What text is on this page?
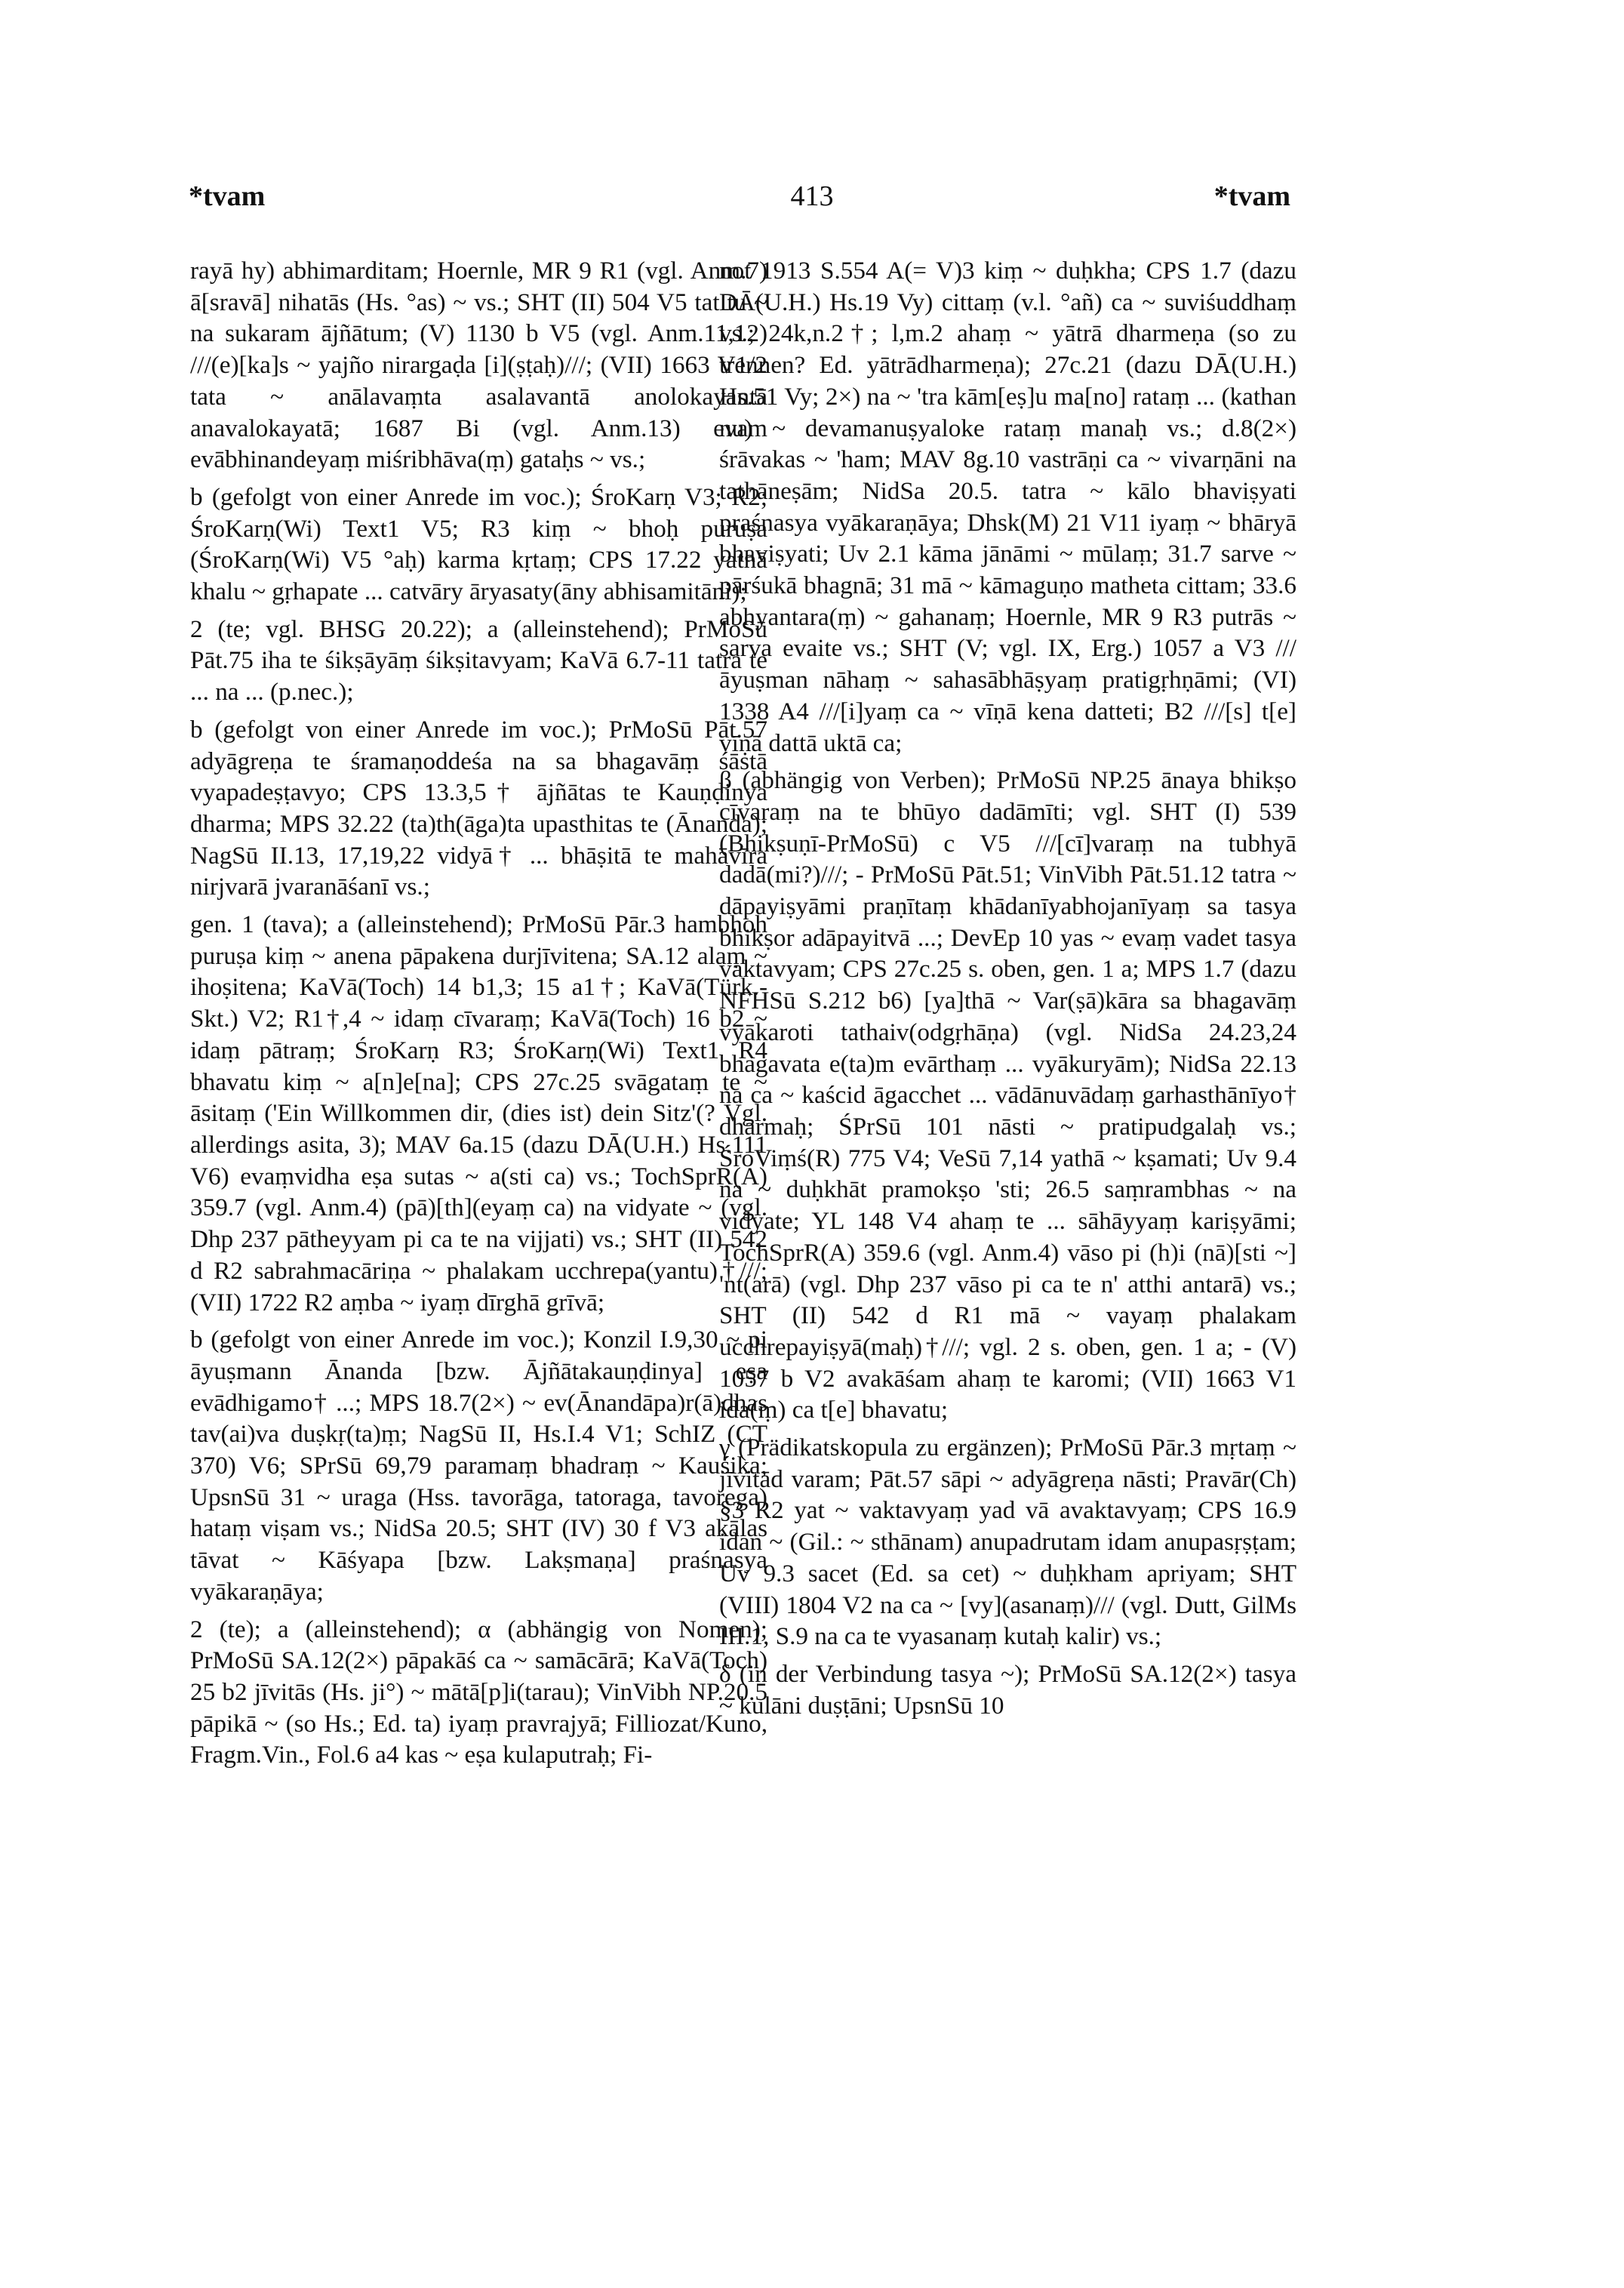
*tvam	413	*tvam

rayā hy) abhimarditam; Hoernle, MR 9 R1 (vgl. Anm.7) ā[sravā] nihatās (Hs. °as) ~ vs.; SHT (II) 504 V5 tat tu ~ na sukaram ājñātum; (V) 1130 b V5 (vgl. Anm.11,12) ///(e)[ka]s ~ yajño nirargaḍa [i](ṣṭaḥ)///; (VII) 1663 V1/2 tata ~ anālavaṃta asalavantā anolokayantā anavalokayatā; 1687 Bi (vgl. Anm.13) evam evābhinandeyaṃ miśribhāva(ṃ) gataḥs ~ vs.;

b (gefolgt von einer Anrede im voc.); ŚroKarṇ V3; R2; ŚroKarṇ(Wi) Text1 V5; R3 kiṃ ~ bhoḥ puruṣa (ŚroKarṇ(Wi) V5 °aḥ) karma kṛtaṃ; CPS 17.22 yathā khalu ~ gṛhapate ... catvāry āryasaty(āny abhisamitāni);

2 (te; vgl. BHSG 20.22); a (alleinstehend); PrMoSū Pāt.75 iha te śikṣāyāṃ śikṣitavyam; KaVā 6.7-11 tatra te ... na ... (p.nec.);

b (gefolgt von einer Anrede im voc.); PrMoSū Pāt.57 adyāgreṇa te śramaṇoddeśa na sa bhagavāṃ śāstā vyapadeṣṭavyo; CPS 13.3,5† ājñātas te Kauṇḍinya dharma; MPS 32.22 (ta)th(āga)ta upasthitas te (Ānanda); NagSū II.13, 17,19,22 vidyā† ... bhāṣitā te mahāvīra nirjvarā jvaranāśanī vs.;

gen. 1 (tava); a (alleinstehend); PrMoSū Pār.3 hambhoḥ puruṣa kiṃ ~ anena pāpakena durjīvitena; SA.12 alaṃ ~ ihoṣitena; KaVā(Toch) 14 b1,3; 15 a1†; KaVā(Türk.-Skt.) V2; R1†,4 ~ idaṃ cīvaraṃ; KaVā(Toch) 16 b2 ~ idaṃ pātraṃ; ŚroKarṇ R3; ŚroKarṇ(Wi) Text1 R4 bhavatu kiṃ ~ a[n]e[na]; CPS 27c.25 svāgataṃ te ~ āsitaṃ ('Ein Willkommen dir, (dies ist) dein Sitz'(? Vgl. allerdings asita, 3); MAV 6a.15 (dazu DĀ(U.H.) Hs.111 V6) evaṃvidha eṣa sutas ~ a(sti ca) vs.; TochSprR(A) 359.7 (vgl. Anm.4) (pā)[th](eyaṃ ca) na vidyate ~ (vgl. Dhp 237 pātheyyam pi ca te na vijjati) vs.; SHT (II) 542 d R2 sabrahmacāriṇa ~ phalakam ucchrepa(yantu)†///; (VII) 1722 R2 aṃba ~ iyaṃ dīrghā grīvā;

b (gefolgt von einer Anrede im voc.); Konzil I.9,30 ~ pi āyuṣmann Ānanda [bzw. Ājñātakauṇḍinya] eṣa evādhigamo† ...; MPS 18.7(2×) ~ ev(Ānandāpa)r(ā)dhas tav(ai)va duṣkṛ(ta)ṃ; NagSū II, Hs.I.4 V1; SchIZ (CT 370) V6; SPrSū 69,79 paramaṃ bhadraṃ ~ Kauśika; UpsnSū 31 ~ uraga (Hss. tavorāga, tatoraga, tavorega) hataṃ viṣam vs.; NidSa 20.5; SHT (IV) 30 f V3 akālas tāvat ~ Kāśyapa [bzw. Lakṣmaṇa] praśnasya vyākaraṇāya;

2 (te); a (alleinstehend); α (abhängig von Nomen); PrMoSū SA.12(2×) pāpakāś ca ~ samācārā; KaVā(Toch) 25 b2 jīvitās (Hs. ji°) ~ mātā[p]i(tarau); VinVibh NP.20.5 pāpikā ~ (so Hs.; Ed. ta) iyaṃ pravrajyā; Filliozat/Kuno, Fragm.Vin., Fol.6 a4 kas ~ eṣa kulaputraḥ; Fi-

not 1913 S.554 A(= V)3 kiṃ ~ duḥkha; CPS 1.7 (dazu DĀ(U.H.) Hs.19 Vy) cittaṃ (v.l. °añ) ca ~ suviśuddhaṃ vs.; 24k,n.2†; l,m.2 ahaṃ ~ yātrā dharmeṇa (so zu trennen? Ed. yātrādharmeṇa); 27c.21 (dazu DĀ(U.H.) Hs.51 Vy; 2×) na ~ 'tra kām[eṣ]u ma[no] rataṃ ... (kathan nu) ~ devamanuṣyaloke rataṃ manaḥ vs.; d.8(2×) śrāvakas ~ 'ham; MAV 8g.10 vastrāṇi ca ~ vivarṇāni na tathāneṣām; NidSa 20.5. tatra ~ kālo bhaviṣyati praśnasya vyākaraṇāya; Dhsk(M) 21 V11 iyaṃ ~ bhāryā bhaviṣyati; Uv 2.1 kāma jānāmi ~ mūlaṃ; 31.7 sarve ~ pārśukā bhagnā; 31 mā ~ kāmaguṇo matheta cittam; 33.6 abhyantara(ṃ) ~ gahanaṃ; Hoernle, MR 9 R3 putrās ~ sarva evaite vs.; SHT (V; vgl. IX, Erg.) 1057 a V3 ///āyuṣman nāhaṃ ~ sahasābhāṣyaṃ pratigṛhṇāmi; (VI) 1338 A4 ///[i]yaṃ ca ~ vīṇā kena datteti; B2 ///[s] t[e] vīṇā dattā uktā ca;

β (abhängig von Verben); PrMoSū NP.25 ānaya bhikṣo cīvaraṃ na te bhūyo dadāmīti; vgl. SHT (I) 539 (Bhikṣuṇī-PrMoSū) c V5 ///[cī]varaṃ na tubhyā dadā(mi?)///; - PrMoSū Pāt.51; VinVibh Pāt.51.12 tatra ~ dāpayiṣyāmi praṇītaṃ khādanīyabhojanīyaṃ sa tasya bhikṣor adāpayitvā ...; DevEp 10 yas ~ evaṃ vadet tasya vaktavyam; CPS 27c.25 s. oben, gen. 1 a; MPS 1.7 (dazu NFHSū S.212 b6) [ya]thā ~ Var(ṣā)kāra sa bhagavāṃ vyākaroti tathaiv(odgṛhāṇa) (vgl. NidSa 24.23,24 bhagavata e(ta)m evārthaṃ ... vyākuryām); NidSa 22.13 na ca ~ kaścid āgacchet ... vādānuvādaṃ garhasthānīyo† dharmaḥ; ŚPrSū 101 nāsti ~ pratipudgalaḥ vs.; ŚroViṃś(R) 775 V4; VeSū 7,14 yathā ~ kṣamati; Uv 9.4 na ~ duḥkhāt pramokṣo 'sti; 26.5 saṃrambhas ~ na vidyate; YL 148 V4 ahaṃ te ... sāhāyyaṃ kariṣyāmi; TochSprR(A) 359.6 (vgl. Anm.4) vāso pi (h)i (nā)[sti ~] 'nt(arā) (vgl. Dhp 237 vāso pi ca te n' atthi antarā) vs.; SHT (II) 542 d R1 mā ~ vayaṃ phalakam ucchrepayiṣyā(maḥ)†///; vgl. 2 s. oben, gen. 1 a; - (V) 1057 b V2 avakāśam ahaṃ te karomi; (VII) 1663 V1 ida(ṃ) ca t[e] bhavatu;

γ (Prädikatskopula zu ergänzen); PrMoSū Pār.3 mṛtaṃ ~ jīvitād varam; Pāt.57 sāpi ~ adyāgreṇa nāsti; Pravār(Ch) §3 R2 yat ~ vaktavyaṃ yad vā avaktavyaṃ; CPS 16.9 idan ~ (Gil.: ~ sthānam) anupadrutam idam anupasṛṣṭam; Uv 9.3 sacet (Ed. sa cet) ~ duḥkham apriyam; SHT (VIII) 1804 V2 na ca ~ [vy](asanaṃ)/// (vgl. Dutt, GilMs III.1, S.9 na ca te vyasanaṃ kutaḥ kalir) vs.;

δ (in der Verbindung tasya ~); PrMoSū SA.12(2×) tasya ~ kulāni duṣṭāni; UpsnSū 10
